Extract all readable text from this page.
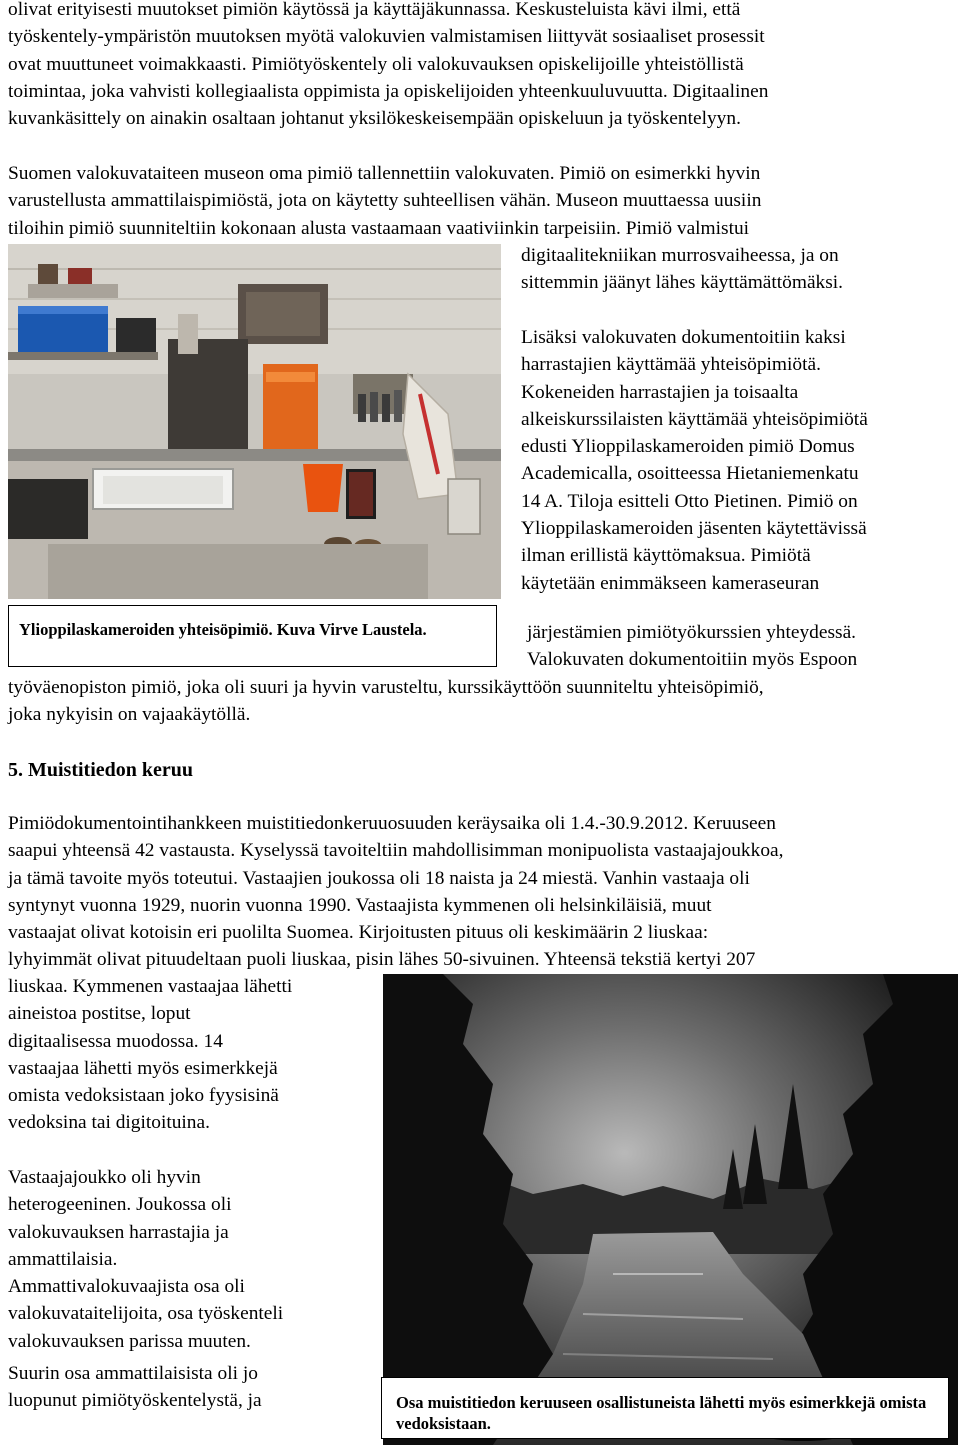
olivat erityisesti muutokset pimiön käytössä ja käyttäjäkunnassa. Keskusteluista kävi ilmi, että
työskentely-ympäristön muutoksen myötä valokuvien valmistamisen liittyvät sosiaaliset prosessit
ovat muuttuneet voimakkaasti. Pimiötyöskentely oli valokuvauksen opiskelijoille yhteistöllistä
toimintaa, joka vahvisti kollegiaalista oppimista ja opiskelijoiden yhteenkuuluvuutta. Digitaalinen
kuvankäsittely on ainakin osaltaan johtanut yksilökeskeisempään opiskeluun ja työskentelyyn.
Suomen valokuvataiteen museon oma pimiö tallennettiin valokuvaten. Pimiö on esimerkki hyvin
varustellusta ammattilaispimiöstä, jota on käytetty suhteellisen vähän. Museon muuttaessa uusiin
tiloihin pimiö suunniteltiin kokonaan alusta vastaamaan vaativiinkin tarpeisiin. Pimiö valmistui
digitaalitekniikan murrosvaiheessa, ja on
sittemmin jäänyt lähes käyttämättömäksi.
Lisäksi valokuvaten dokumentoitiin kaksi
harrastajien käyttämää yhteisöpimiötä.
Kokeneiden harrastajien ja toisaalta
alkeiskurssilaisten käyttämää yhteisöpimiötä
edusti Ylioppilaskameroiden pimiö Domus
Academicalla, osoitteessa Hietaniemenkatu
14 A. Tiloja esitteli Otto Pietinen. Pimiö on
Ylioppilaskameroiden jäsenten käytettävissä
ilman erillistä käyttömaksua. Pimiötä
käytetään enimmäkseen kameraseuran
järjestämien pimiötyökurssien yhteydessä.
Valokuvaten dokumentoitiin myös Espoon
työväenopiston pimiö, joka oli suuri ja hyvin varusteltu, kurssikäyttöön suunniteltu yhteisöpimiö,
joka nykyisin on vajaakäytöllä.
Ylioppilaskameroiden yhteisöpimiö. Kuva Virve Laustela.
5. Muistitiedon keruu
Pimiödokumentointihankkeen muistitiedonkeruuosuuden keräysaika oli 1.4.-30.9.2012. Keruuseen
saapui yhteensä 42 vastausta. Kyselyssä tavoiteltiin mahdollisimman monipuolista vastaajajoukkoa,
ja tämä tavoite myös toteutui. Vastaajien joukossa oli 18 naista ja 24 miestä. Vanhin vastaaja oli
syntynyt vuonna 1929, nuorin vuonna 1990. Vastaajista kymmenen oli helsinkiläisiä, muut
vastaajat olivat kotoisin eri puolilta Suomea. Kirjoitusten pituus oli keskimäärin 2 liuskaa:
lyhyimmät olivat pituudeltaan puoli liuskaa, pisin lähes 50-sivuinen. Yhteensä tekstiä kertyi 207
liuskaa. Kymmenen vastaajaa lähetti
aineistoa postitse, loput
digitaalisessa muodossa. 14
vastaajaa lähetti myös esimerkkejä
omista vedoksistaan joko fyysisinä
vedoksina tai digitoituina.
Vastaajajoukko oli hyvin
heterogeeninen. Joukossa oli
valokuvauksen harrastajia ja
ammattilaisia.
Ammattivalokuvaajista osa oli
valokuvataitelijoita, osa työskenteli
valokuvauksen parissa muuten.
Suurin osa ammattilaisista oli jo
luopunut pimiötyöskentelystä, ja	Osa muistitiedon keruuseen osallistuneista lähetti myös esimerkkejä omista vedoksistaan.
